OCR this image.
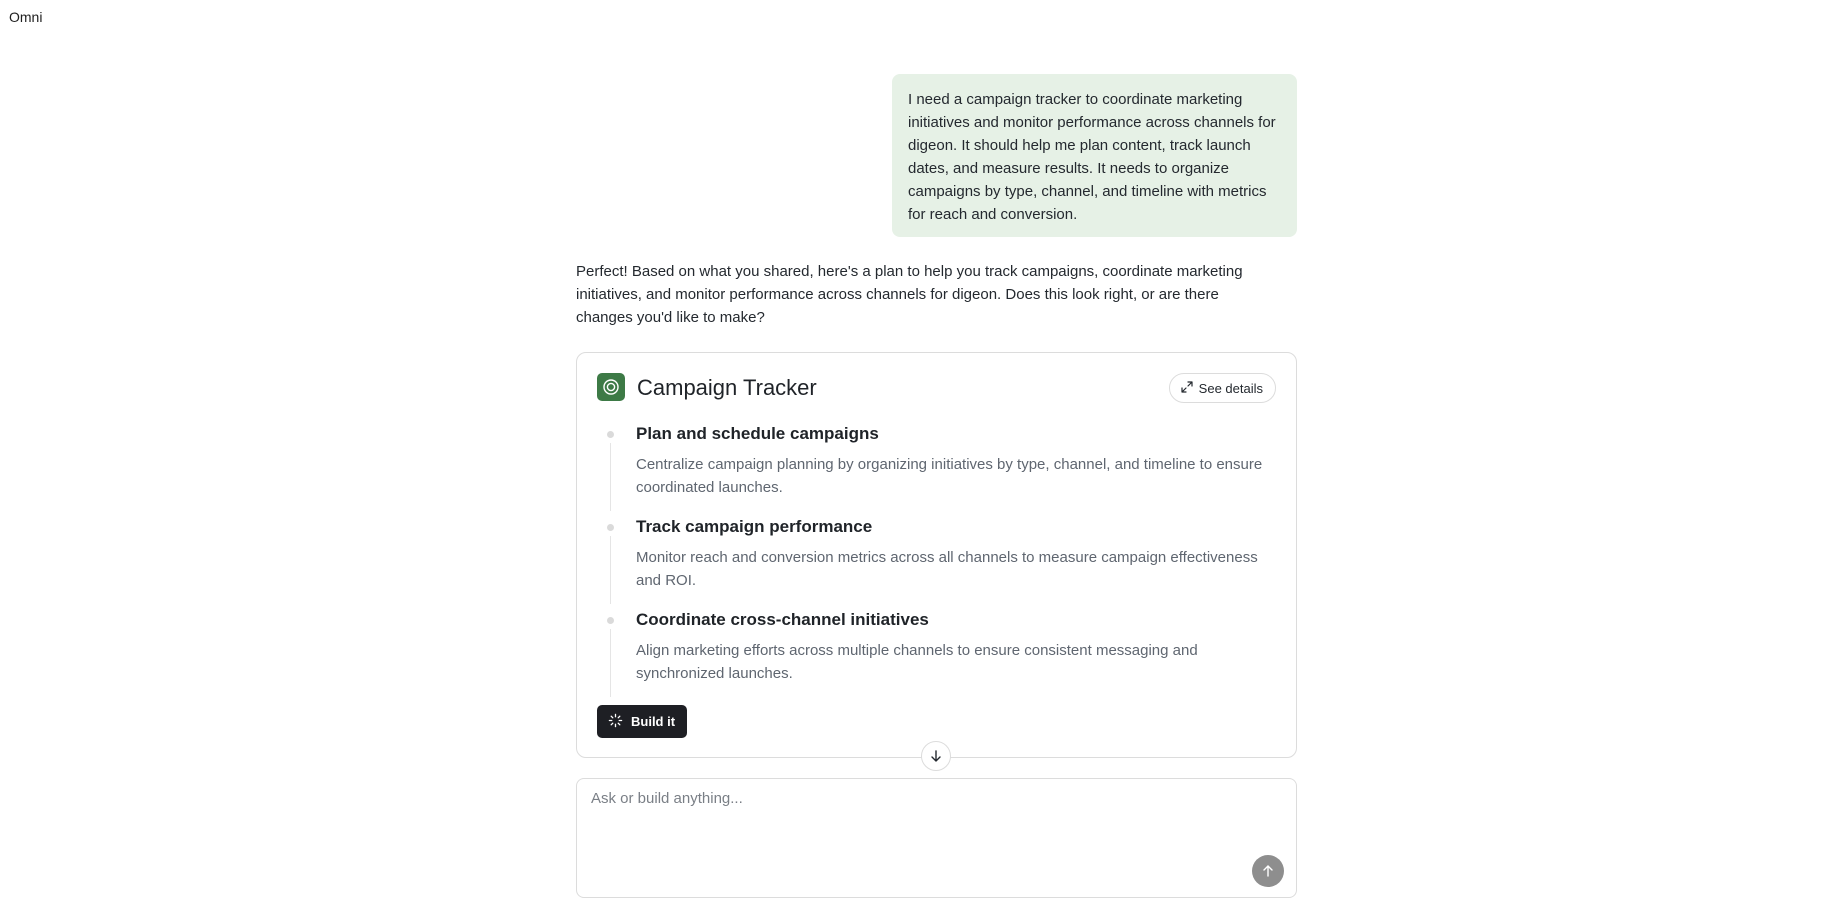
Omni
I need a campaign tracker to coordinate marketing initiatives and monitor performance across channels for digeon. It should help me plan content, track launch dates, and measure results. It needs to organize campaigns by type, channel, and timeline with metrics for reach and conversion.
Perfect! Based on what you shared, here's a plan to help you track campaigns, coordinate marketing initiatives, and monitor performance across channels for digeon. Does this look right, or are there changes you'd like to make?
Campaign Tracker	See details
Plan and schedule campaigns
Centralize campaign planning by organizing initiatives by type, channel, and timeline to ensure coordinated launches.
Track campaign performance
Monitor reach and conversion metrics across all channels to measure campaign effectiveness and ROI.
Coordinate cross-channel initiatives
Align marketing efforts across multiple channels to ensure consistent messaging and synchronized launches.
Build it
Ask or build anything...
